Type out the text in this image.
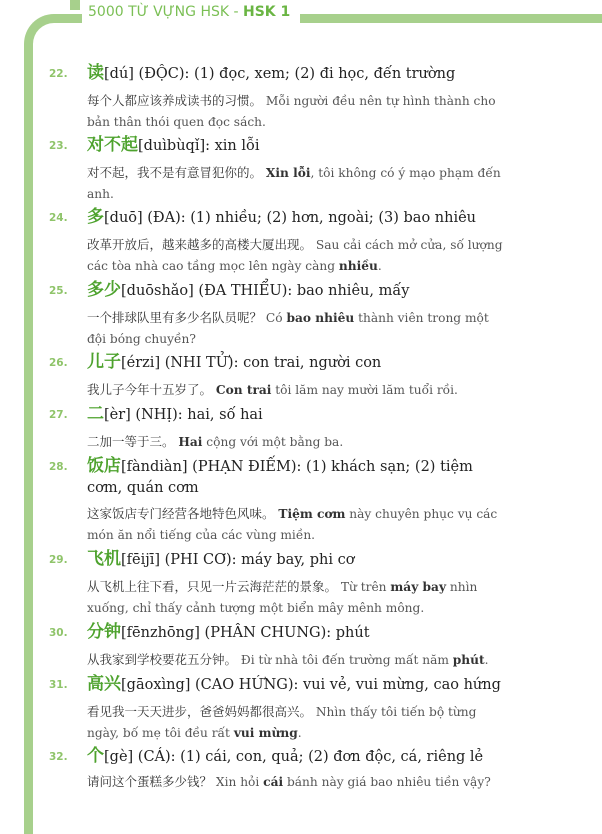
5000 TỪ VỰNG HSK - HSK 1
22. 读[dú] (ĐỘC): (1) đọc, xem; (2) đi học, đến trường
每个人都应该养成读书的习惯。 Mỗi người đều nên tự hình thành cho bản thân thói quen đọc sách.
23. 对不起[duìbùqǐ]: xin lỗi
对不起，我不是有意冒犯你的。 Xin lỗi, tôi không có ý mạo phạm đến anh.
24. 多[duō] (ĐA): (1) nhiều; (2) hơn, ngoài; (3) bao nhiêu
改革开放后，越来越多的高楼大厦出现。 Sau cải cách mở cửa, số lượng các tòa nhà cao tầng mọc lên ngày càng nhiều.
25. 多少[duōshǎo] (ĐA THIỂU): bao nhiêu, mấy
一个排球队里有多少名队员呢？ Có bao nhiêu thành viên trong một đội bóng chuyền?
26. 儿子[érzi] (NHI TỬ): con trai, người con
我儿子今年十五岁了。 Con trai tôi lăm nay mười lăm tuổi rồi.
27. 二[èr] (NHỊ): hai, số hai
二加一等于三。 Hai cộng với một bằng ba.
28. 饭店[fàndiàn] (PHẠN ĐIẾM): (1) khách sạn; (2) tiệm cơm, quán cơm
这家饭店专门经营各地特色风味。 Tiệm cơm này chuyên phục vụ các món ăn nổi tiếng của các vùng miền.
29. 飞机[fēijī] (PHI CƠ): máy bay, phi cơ
从飞机上往下看，只见一片云海茫茫的景象。 Từ trên máy bay nhìn xuống, chỉ thấy cảnh tượng một biển mây mênh mông.
30. 分钟[fēnzhōng] (PHÂN CHUNG): phút
从我家到学校要花五分钟。 Đi từ nhà tôi đến trường mất năm phút.
31. 高兴[gāoxìng] (CAO HỨNG): vui vẻ, vui mừng, cao hứng
看见我一天天进步，爸爸妈妈都很高兴。 Nhìn thấy tôi tiến bộ từng ngày, bố mẹ tôi đều rất vui mừng.
32. 个[gè] (CÁ): (1) cái, con, quả; (2) đơn độc, cá, riêng lẻ
请问这个蛋糕多少钱？ Xin hỏi cái bánh này giá bao nhiêu tiền vậy?
